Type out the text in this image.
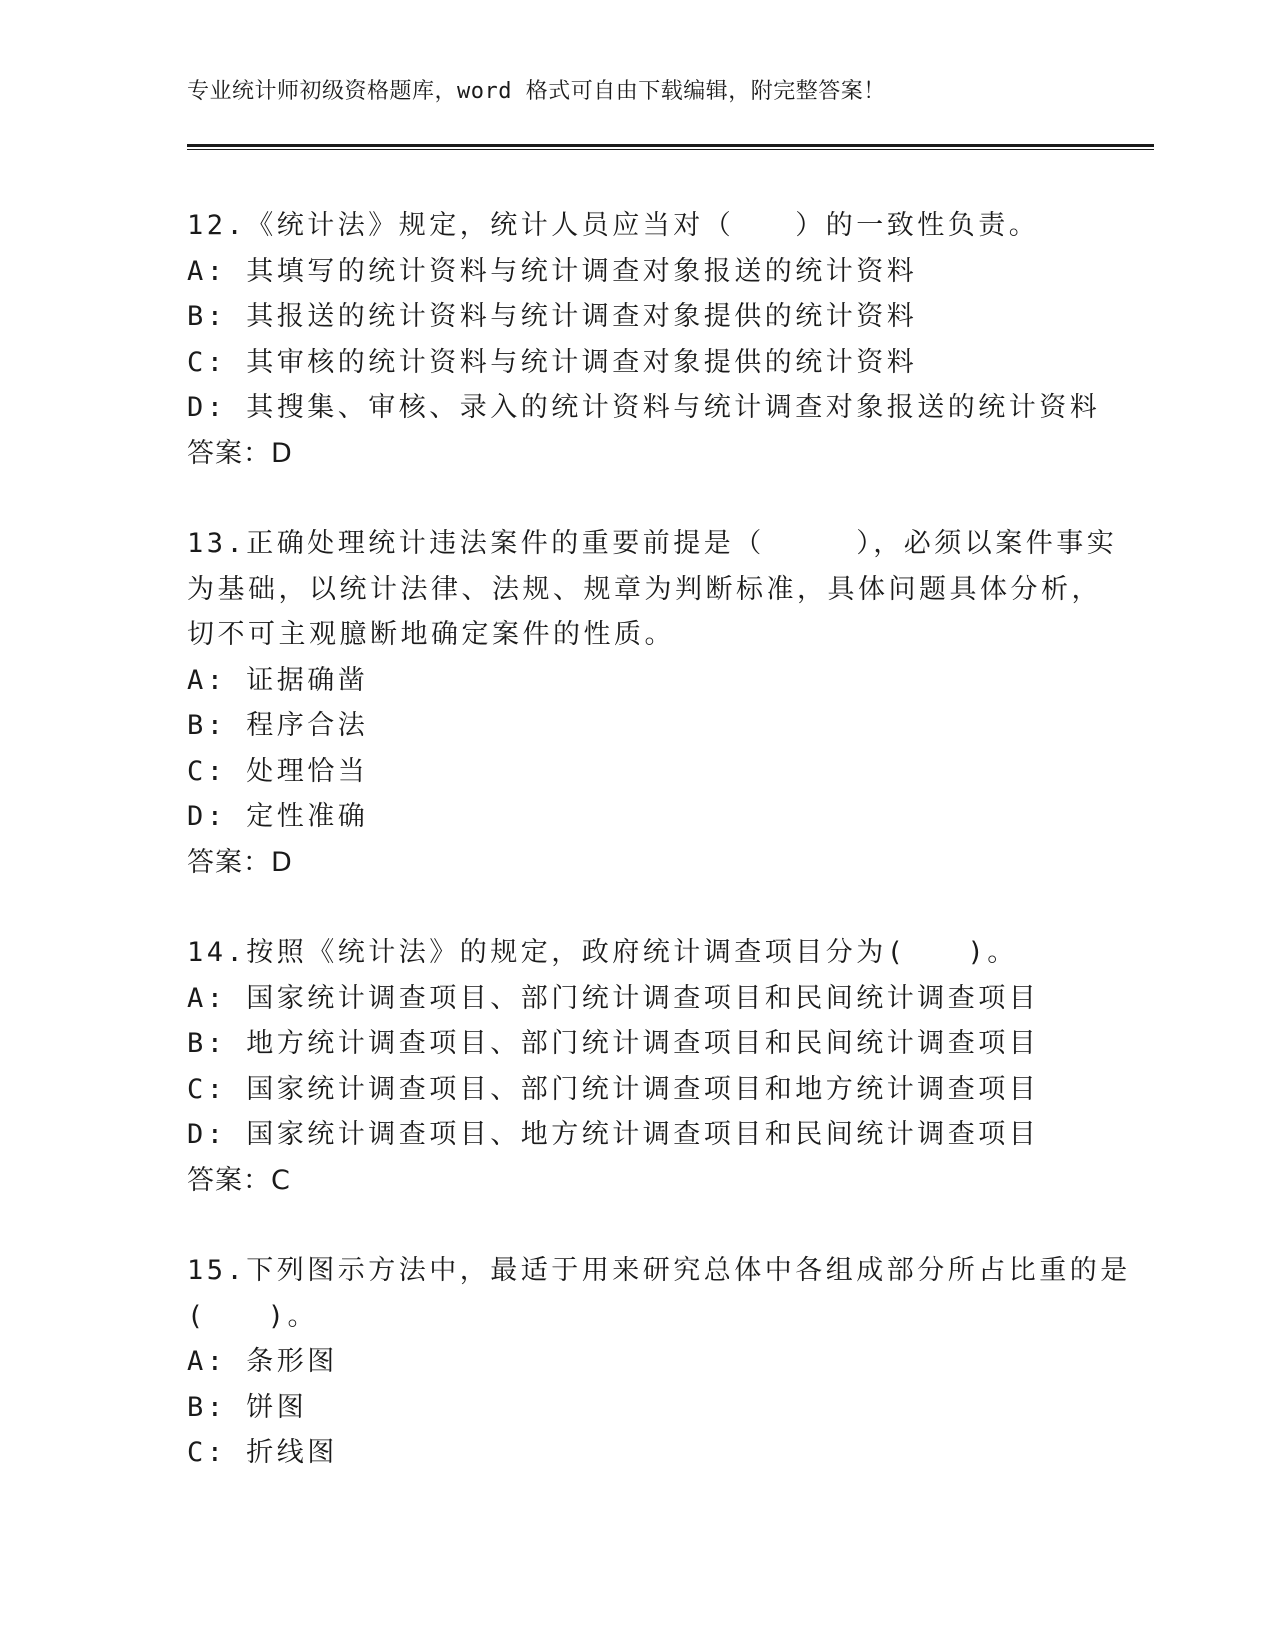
专业统计师初级资格题库，word 格式可自由下载编辑，附完整答案！
12.《统计法》规定，统计人员应当对（　　）的一致性负责。
A: 其填写的统计资料与统计调查对象报送的统计资料
B: 其报送的统计资料与统计调查对象提供的统计资料
C: 其审核的统计资料与统计调查对象提供的统计资料
D: 其搜集、审核、录入的统计资料与统计调查对象报送的统计资料
答案：D
13.正确处理统计违法案件的重要前提是（　　　），必须以案件事实
为基础，以统计法律、法规、规章为判断标准，具体问题具体分析，
切不可主观臆断地确定案件的性质。
A: 证据确凿
B: 程序合法
C: 处理恰当
D: 定性准确
答案：D
14.按照《统计法》的规定，政府统计调查项目分为(　　)。
A: 国家统计调查项目、部门统计调查项目和民间统计调查项目
B: 地方统计调查项目、部门统计调查项目和民间统计调查项目
C: 国家统计调查项目、部门统计调查项目和地方统计调查项目
D: 国家统计调查项目、地方统计调查项目和民间统计调查项目
答案：C
15.下列图示方法中，最适于用来研究总体中各组成部分所占比重的是
(　　)。
A: 条形图
B: 饼图
C: 折线图
